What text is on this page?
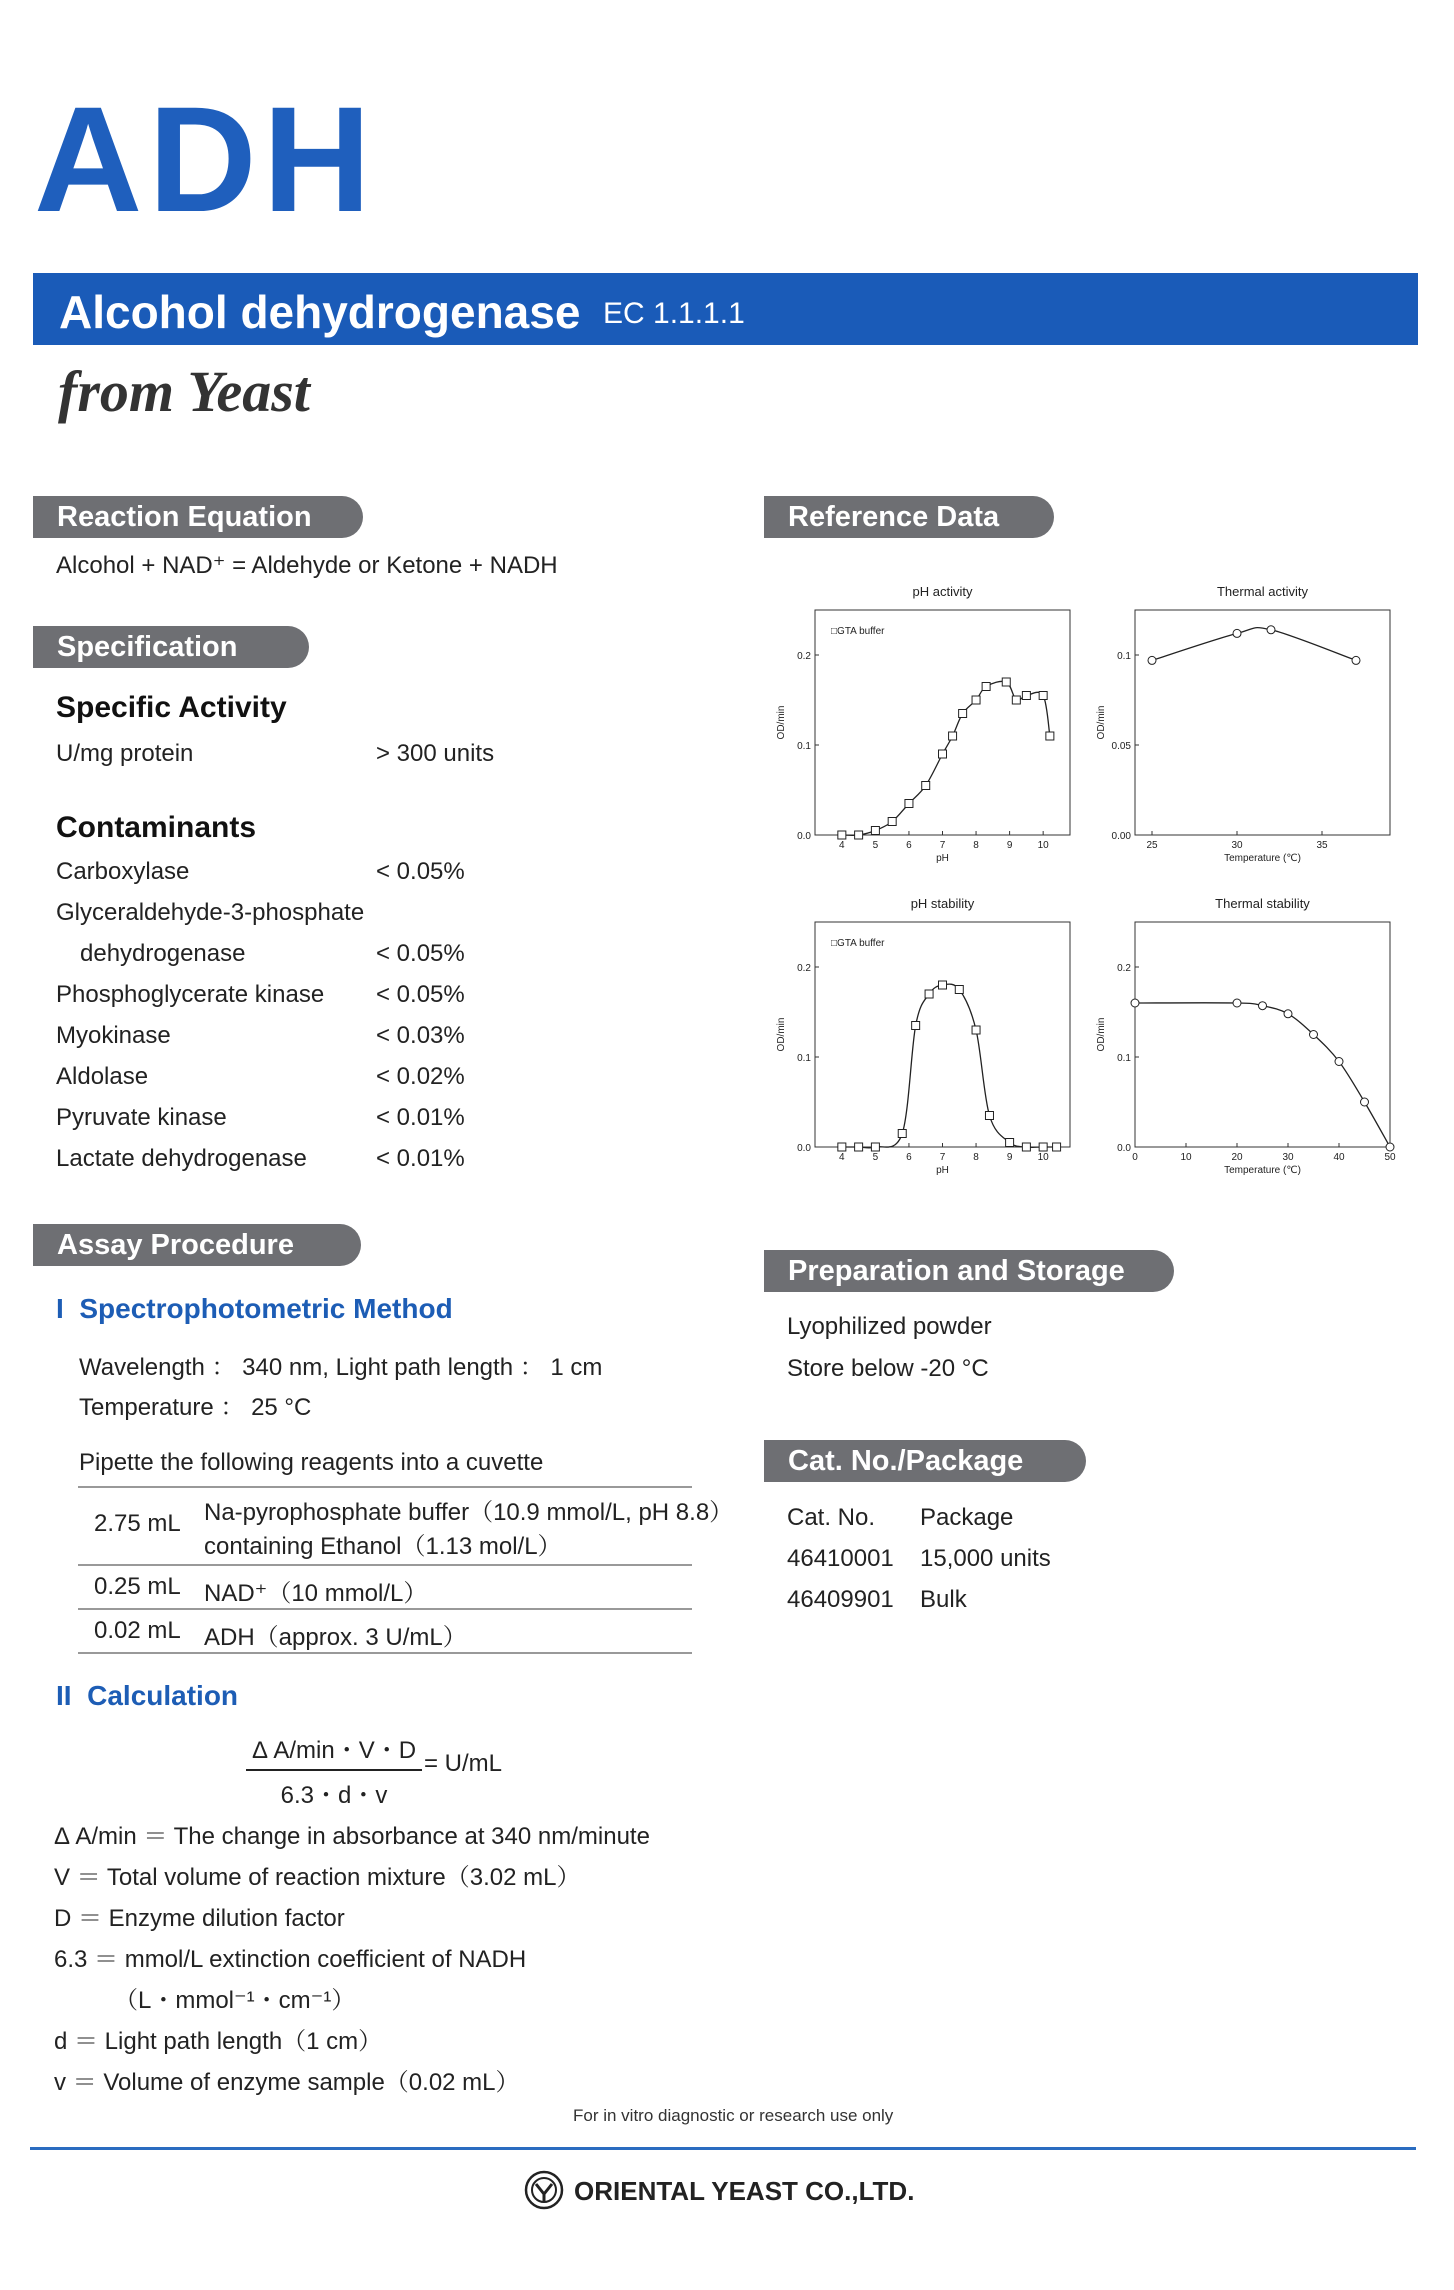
ADH
Alcohol dehydrogenase EC 1.1.1.1
from Yeast
Reaction Equation
Alcohol + NAD⁺ = Aldehyde or Ketone + NADH
Specification
Specific Activity
U/mg protein	> 300 units
Contaminants
Carboxylase	< 0.05%
Glyceraldehyde-3-phosphate
dehydrogenase	< 0.05%
Phosphoglycerate kinase < 0.05%
Myokinase	< 0.03%
Aldolase	< 0.02%
Pyruvate kinase	< 0.01%
Lactate dehydrogenase	< 0.01%
Assay Procedure
I Spectrophotometric Method
Wavelength ： 340 nm, Light path length ： 1 cm
Temperature ： 25 °C
Pipette the following reagents into a cuvette
2.75 mL Na-pyrophosphate buffer（10.9 mmol/L, pH 8.8）
containing Ethanol（1.13 mol/L）
0.25 mL NAD⁺（10 mmol/L）
0.02 mL ADH（approx. 3 U/mL）
II Calculation
Δ A/min・V・D
6.3・d・v
= U/mL
Δ A/min ＝ The change in absorbance at 340 nm/minute
V ＝ Total volume of reaction mixture（3.02 mL）
D ＝ Enzyme dilution factor
6.3 ＝ mmol/L extinction coefficient of NADH
（L・mmol⁻¹・cm⁻¹）
d ＝ Light path length（1 cm）
v ＝ Volume of enzyme sample（0.02 mL）
Reference Data
pH activity
4	5	6	7	8	9	10
0.0
0.1
0.2
pH
OD/min
□GTA buffer
Thermal activity
25	30	35
0.00
0.05
0.1
Temperature (℃)
OD/min
pH stability
4	5	6	7	8	9	10
0.0
0.1
0.2
pH
OD/min
□GTA buffer
Thermal stability
0	10	20	30	40	50
0.0
0.1
0.2
Temperature (℃)
OD/min
Preparation and Storage
Lyophilized powder
Store below -20 °C
Cat. No./Package
Cat. No. Package
46410001 15,000 units
46409901 Bulk
For in vitro diagnostic or research use only
ORIENTAL YEAST CO.,LTD.
